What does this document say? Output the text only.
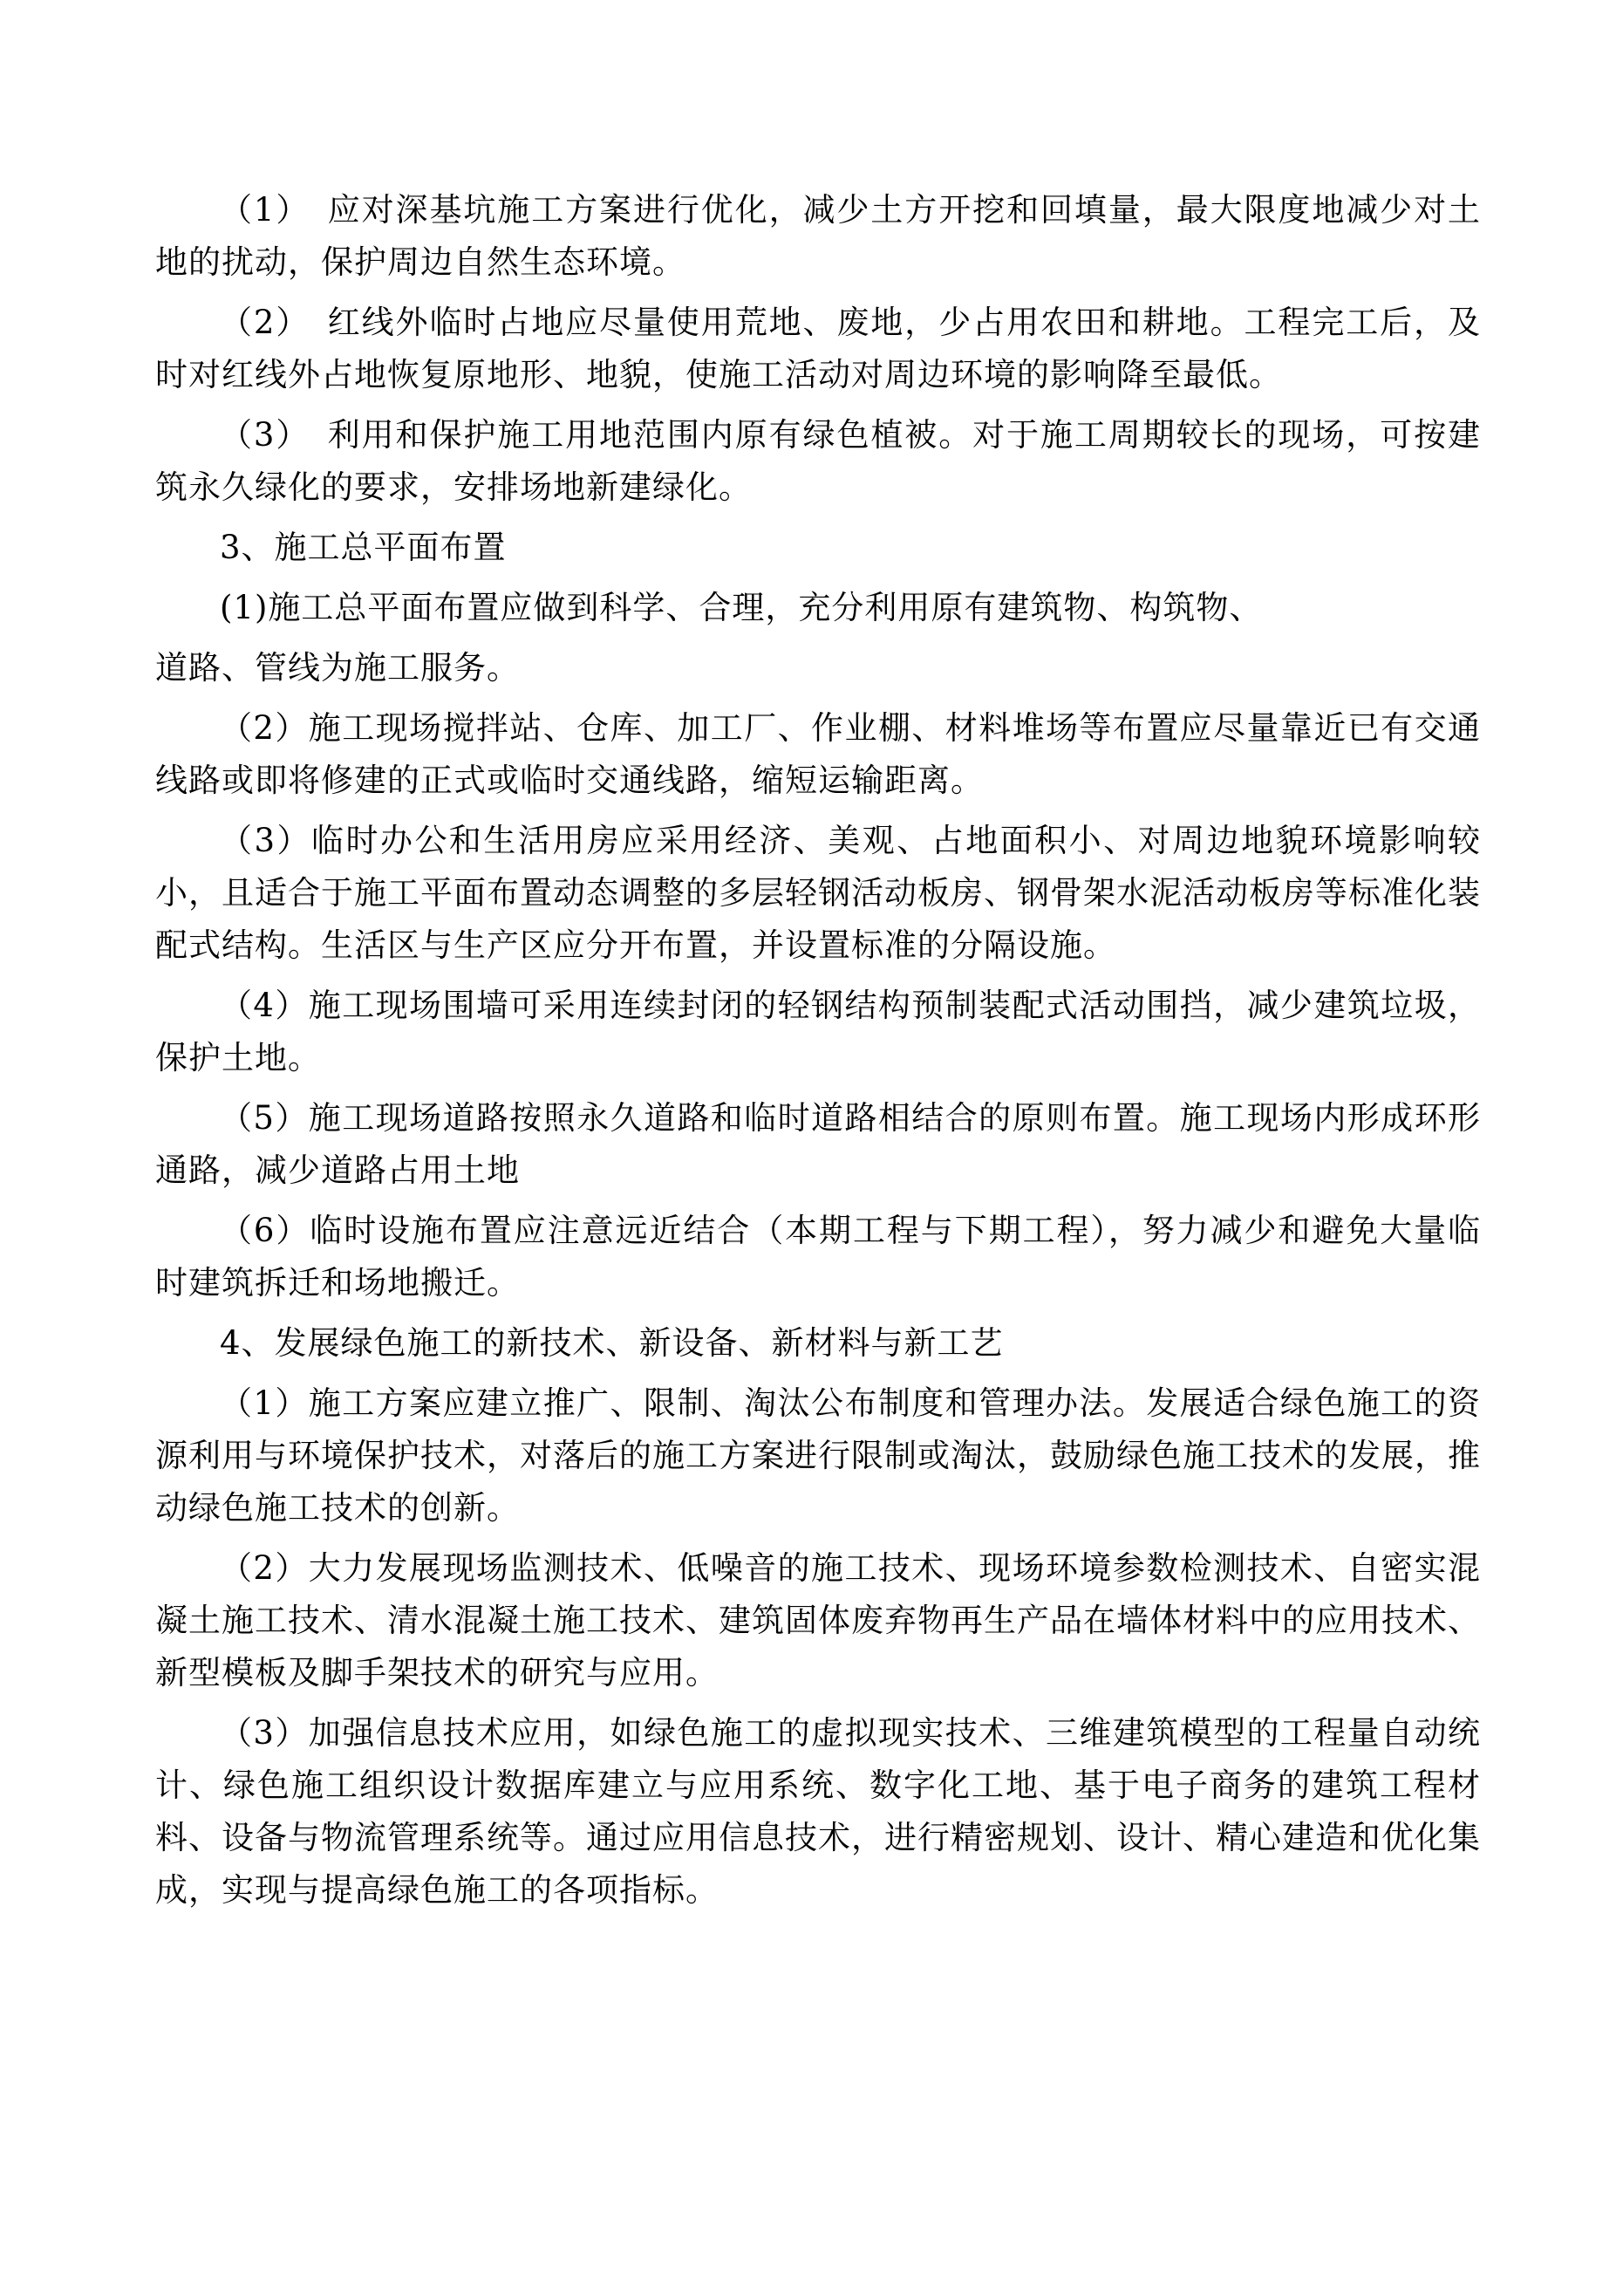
（1）　应对深基坑施工方案进行优化，减少土方开挖和回填量，最大限度地减少对土地的扰动，保护周边自然生态环境。

（2）　红线外临时占地应尽量使用荒地、废地，少占用农田和耕地。工程完工后，及时对红线外占地恢复原地形、地貌，使施工活动对周边环境的影响降至最低。

（3）　利用和保护施工用地范围内原有绿色植被。对于施工周期较长的现场，可按建筑永久绿化的要求，安排场地新建绿化。

3、施工总平面布置

(1)施工总平面布置应做到科学、合理，充分利用原有建筑物、构筑物、

道路、管线为施工服务。

（2）施工现场搅拌站、仓库、加工厂、作业棚、材料堆场等布置应尽量靠近已有交通线路或即将修建的正式或临时交通线路，缩短运输距离。

（3）临时办公和生活用房应采用经济、美观、占地面积小、对周边地貌环境影响较小，且适合于施工平面布置动态调整的多层轻钢活动板房、钢骨架水泥活动板房等标准化装配式结构。生活区与生产区应分开布置，并设置标准的分隔设施。

（4）施工现场围墙可采用连续封闭的轻钢结构预制装配式活动围挡，减少建筑垃圾，保护土地。

（5）施工现场道路按照永久道路和临时道路相结合的原则布置。施工现场内形成环形通路，减少道路占用土地

（6）临时设施布置应注意远近结合（本期工程与下期工程），努力减少和避免大量临时建筑拆迁和场地搬迁。

4、发展绿色施工的新技术、新设备、新材料与新工艺

（1）施工方案应建立推广、限制、淘汰公布制度和管理办法。发展适合绿色施工的资源利用与环境保护技术，对落后的施工方案进行限制或淘汰，鼓励绿色施工技术的发展，推动绿色施工技术的创新。

（2）大力发展现场监测技术、低噪音的施工技术、现场环境参数检测技术、自密实混凝土施工技术、清水混凝土施工技术、建筑固体废弃物再生产品在墙体材料中的应用技术、新型模板及脚手架技术的研究与应用。

（3）加强信息技术应用，如绿色施工的虚拟现实技术、三维建筑模型的工程量自动统计、绿色施工组织设计数据库建立与应用系统、数字化工地、基于电子商务的建筑工程材料、设备与物流管理系统等。通过应用信息技术，进行精密规划、设计、精心建造和优化集成，实现与提高绿色施工的各项指标。
